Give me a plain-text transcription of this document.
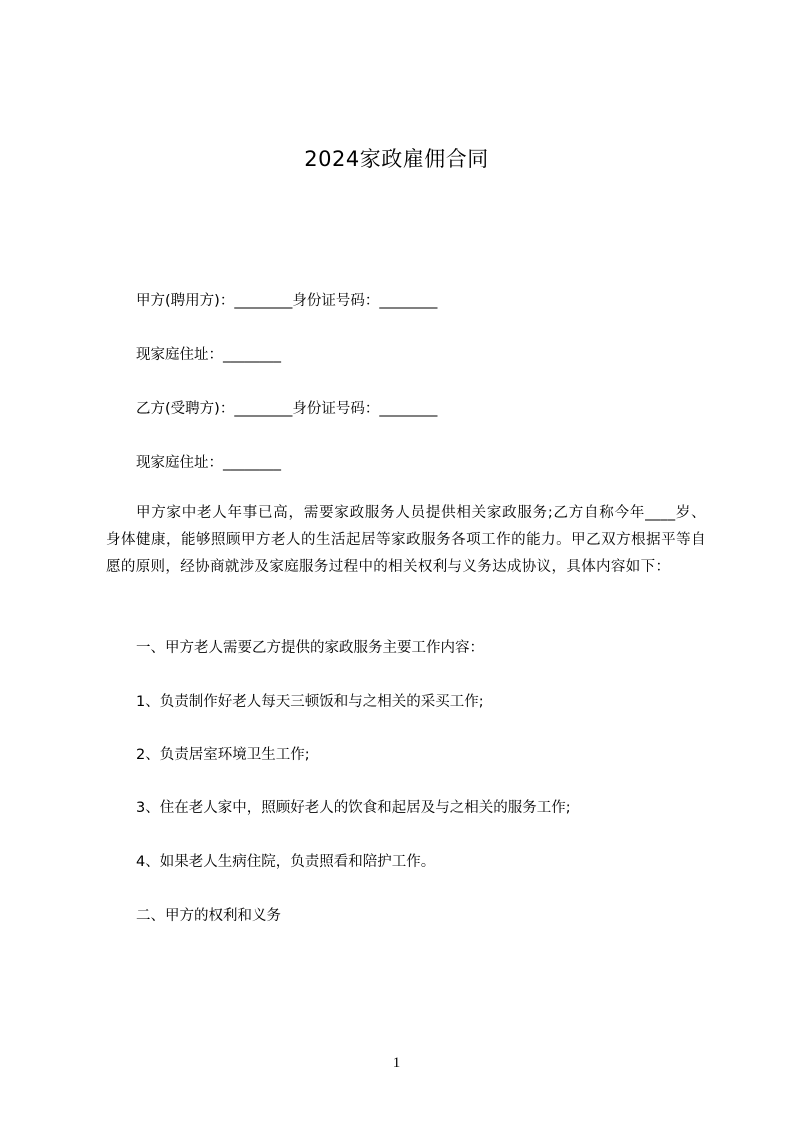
2024家政雇佣合同
甲方(聘用方)：________身份证号码：________
现家庭住址：________
乙方(受聘方)：________身份证号码：________
现家庭住址：________
甲方家中老人年事已高，需要家政服务人员提供相关家政服务;乙方自称今年____岁、身体健康，能够照顾甲方老人的生活起居等家政服务各项工作的能力。甲乙双方根据平等自愿的原则，经协商就涉及家庭服务过程中的相关权利与义务达成协议，具体内容如下：
一、甲方老人需要乙方提供的家政服务主要工作内容：
1、负责制作好老人每天三顿饭和与之相关的采买工作;
2、负责居室环境卫生工作;
3、住在老人家中，照顾好老人的饮食和起居及与之相关的服务工作;
4、如果老人生病住院，负责照看和陪护工作。
二、甲方的权利和义务
1
